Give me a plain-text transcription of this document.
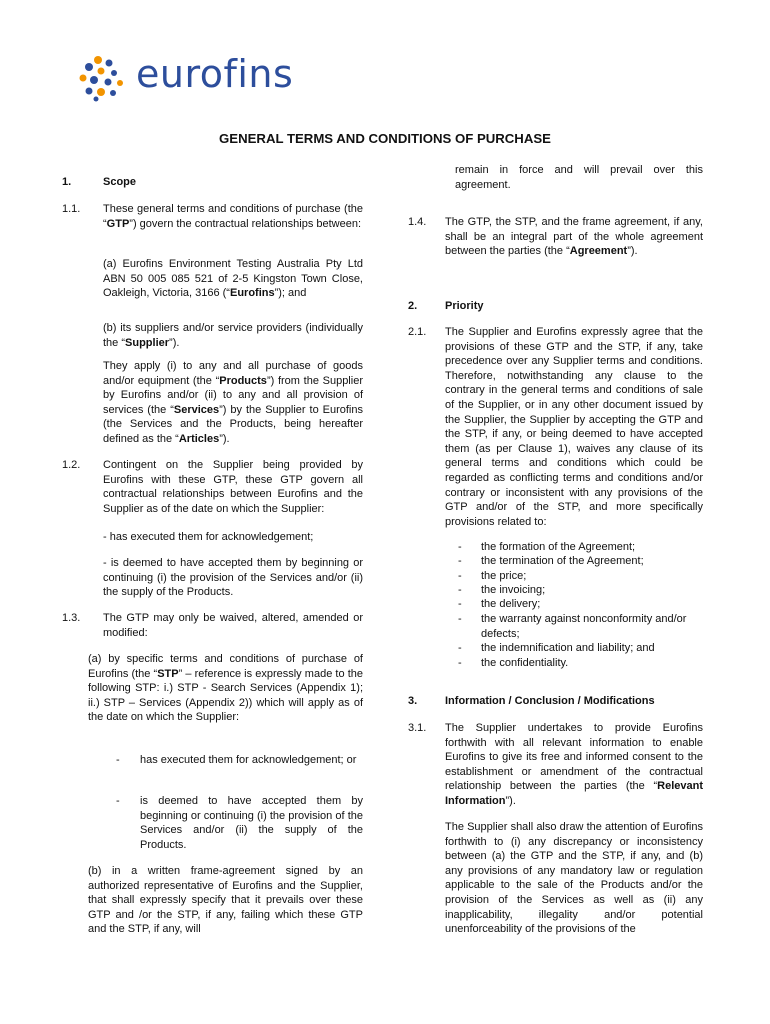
eurofins
GENERAL TERMS AND CONDITIONS OF PURCHASE
1.	Scope
1.1. These general terms and conditions of purchase (the “GTP”) govern the contractual relationships between:
(a) Eurofins Environment Testing Australia Pty Ltd ABN 50 005 085 521 of 2-5 Kingston Town Close, Oakleigh, Victoria, 3166 (“Eurofins”); and
(b) its suppliers and/or service providers (individually the “Supplier”).
They apply (i) to any and all purchase of goods and/or equipment (the “Products”) from the Supplier by Eurofins and/or (ii) to any and all provision of services (the “Services”) by the Supplier to Eurofins (the Services and the Products, being hereafter defined as the “Articles”).
1.2. Contingent on the Supplier being provided by Eurofins with these GTP, these GTP govern all contractual relationships between Eurofins and the Supplier as of the date on which the Supplier:
- has executed them for acknowledgement;
- is deemed to have accepted them by beginning or continuing (i) the provision of the Services and/or (ii) the supply of the Products.
1.3. The GTP may only be waived, altered, amended or modified:
(a) by specific terms and conditions of purchase of Eurofins (the “STP” – reference is expressly made to the following STP: i.) STP - Search Services (Appendix 1); ii.) STP – Services (Appendix 2)) which will apply as of the date on which the Supplier:
- has executed them for acknowledgement; or
- is deemed to have accepted them by beginning or continuing (i) the provision of the Services and/or (ii) the supply of the Products.
(b) in a written frame-agreement signed by an authorized representative of Eurofins and the Supplier, that shall expressly specify that it prevails over these GTP and /or the STP, if any, failing which these GTP and the STP, if any, will
remain in force and will prevail over this agreement.
1.4. The GTP, the STP, and the frame agreement, if any, shall be an integral part of the whole agreement between the parties (the “Agreement”).
2.	Priority
2.1. The Supplier and Eurofins expressly agree that the provisions of these GTP and the STP, if any, take precedence over any Supplier terms and conditions. Therefore, notwithstanding any clause to the contrary in the general terms and conditions of sale of the Supplier, or in any other document issued by the Supplier, the Supplier by accepting the GTP and the STP, if any, or being deemed to have accepted them (as per Clause 1), waives any clause of its general terms and conditions which could be regarded as conflicting terms and conditions and/or contrary or inconsistent with any provisions of the GTP and/or of the STP, and more specifically provisions related to:
- the formation of the Agreement;
- the termination of the Agreement;
- the price;
- the invoicing;
- the delivery;
- the warranty against nonconformity and/or defects;
- the indemnification and liability; and
- the confidentiality.
3.	Information / Conclusion / Modifications
3.1. The Supplier undertakes to provide Eurofins forthwith with all relevant information to enable Eurofins to give its free and informed consent to the establishment or amendment of the contractual relationship between the parties (the “Relevant Information”).
The Supplier shall also draw the attention of Eurofins forthwith to (i) any discrepancy or inconsistency between (a) the GTP and the STP, if any, and (b) any provisions of any mandatory law or regulation applicable to the sale of the Products and/or the provision of the Services as well as (ii) any inapplicability, illegality and/or potential unenforceability of the provisions of the
